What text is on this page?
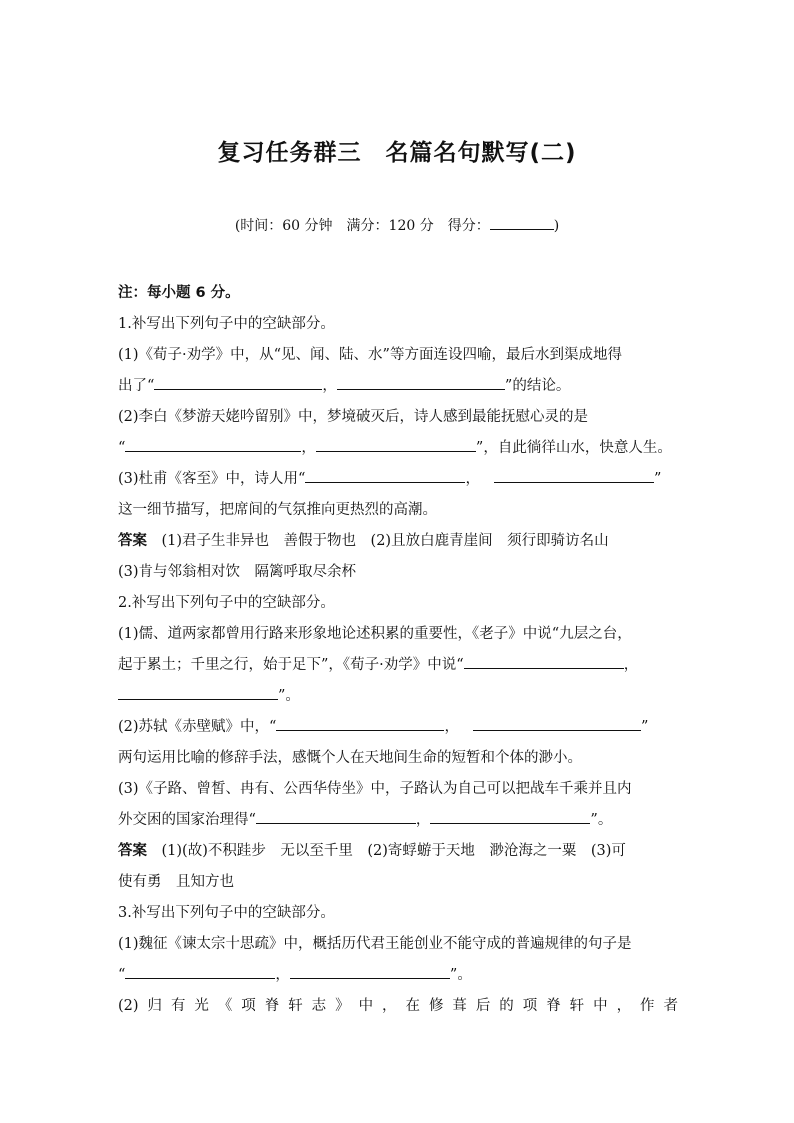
复习任务群三　名篇名句默写(二)
(时间：60 分钟　满分：120 分　得分：	)
注：每小题 6 分。
1.补写出下列句子中的空缺部分。
(1)《荀子·劝学》中，从“见、闻、陆、水”等方面连设四喻，最后水到渠成地得
出了“	，	”的结论。
(2)李白《梦游天姥吟留别》中，梦境破灭后，诗人感到最能抚慰心灵的是
“	，	”，自此徜徉山水，快意人生。
(3)杜甫《客至》中，诗人用“	，	”
这一细节描写，把席间的气氛推向更热烈的高潮。
答案　 (1)君子生非异也　善假于物也　(2)且放白鹿青崖间　须行即骑访名山
(3)肯与邻翁相对饮　隔篱呼取尽余杯
2.补写出下列句子中的空缺部分。
(1)儒、道两家都曾用行路来形象地论述积累的重要性，《老子》中说“九层之台，
起于累土；千里之行，始于足下”，《荀子·劝学》中说“	，
”。
(2)苏轼《赤壁赋》中，“	，	”
两句运用比喻的修辞手法，感慨个人在天地间生命的短暂和个体的渺小。
(3)《子路、曾皙、冉有、公西华侍坐》中，子路认为自己可以把战车千乘并且内
外交困的国家治理得“	，	”。
答案　 (1)(故)不积跬步　无以至千里　(2)寄蜉蝣于天地　渺沧海之一粟　(3)可
使有勇　且知方也
3.补写出下列句子中的空缺部分。
(1)魏征《谏太宗十思疏》中，概括历代君王能创业不能守成的普遍规律的句子是
“	，	”。
(2)归有光《项脊轩志》中，在修葺后的项脊轩中，作者
